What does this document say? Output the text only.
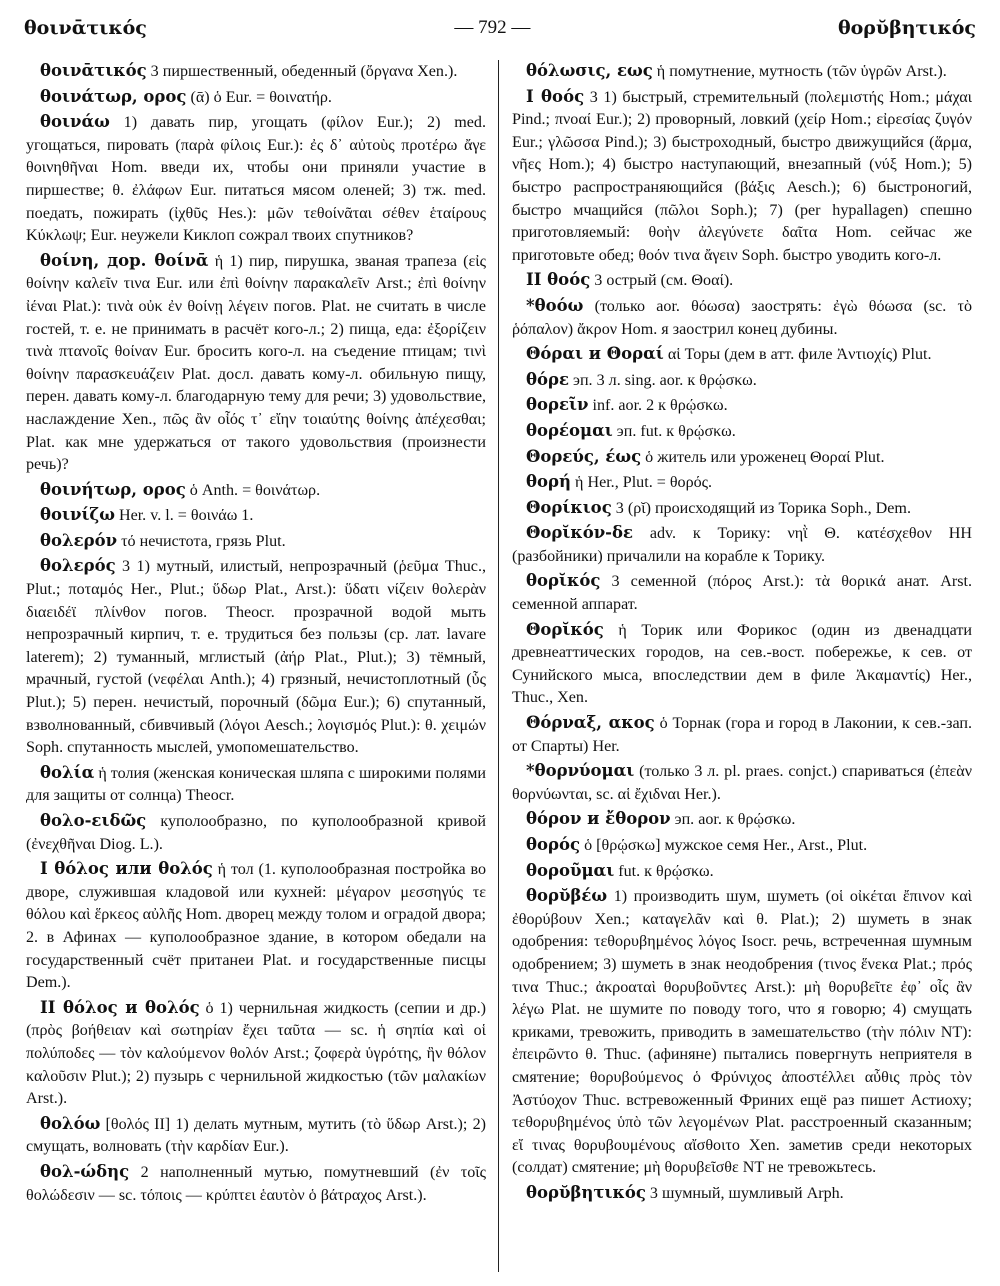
θοινᾱτικός	— 792 —	θορῠβητικός

θοινᾱτικός 3 пиршественный, обеденный (ὄργανα Xen.).

θοινάτωρ, ορος (ᾱ) ὁ Eur. = θοινατήρ.

θοινάω 1) давать пир, угощать (φίλον Eur.); 2) med. угощаться, пировать (παρὰ φίλοις Eur.): ἐς δ᾽ αὐτοὺς προτέρω ἄγε θοινηθῆναι Hom. введи их, чтобы они приняли участие в пиршестве; θ. ἐλάφων Eur. питаться мясом оленей; 3) тж. med. поедать, пожирать (ἰχθῦς Hes.): μῶν τεθοίνᾶται σέθεν ἑταίρους Κύκλωψ; Eur. неужели Киклоп сожрал твоих спутников?

θοίνη, дор. θοίνᾱ ἡ 1) пир, пирушка, званая трапеза (εἰς θοίνην καλεῖν τινα Eur. или ἐπὶ θοίνην παρακαλεῖν Arst.; ἐπὶ θοίνην ἰέναι Plat.): τινὰ οὐκ ἐν θοίνῃ λέγειν погов. Plat. не считать в числе гостей, т. е. не принимать в расчёт кого-л.; 2) пища, еда: ἐξορίζειν τινὰ πτανοῖς θοίναν Eur. бросить кого-л. на съедение птицам; τινὶ θοίνην παρασκευάζειν Plat. досл. давать кому-л. обильную пищу, перен. давать кому-л. благодарную тему для речи; 3) удовольствие, наслаждение Xen., πῶς ἂν οἷός τ᾽ εἴην τοιαύτης θοίνης ἀπέχεσθαι; Plat. как мне удержаться от такого удовольствия (произнести речь)?

θοινήτωρ, ορος ὁ Anth. = θοινάτωρ.

θοινίζω Her. v. l. = θοινάω 1.

θολερόν τό нечистота, грязь Plut.

θολερός 3 1) мутный, илистый, непрозрачный (ῥεῦμα Thuc., Plut.; ποταμός Her., Plut.; ὕδωρ Plat., Arst.): ὕδατι νίζειν θολερὰν διαειδέϊ πλίνθον погов. Theocr. прозрачной водой мыть непрозрачный кирпич, т. е. трудиться без пользы (ср. лат. lavare laterem); 2) туманный, мглистый (ἀήρ Plat., Plut.); 3) тёмный, мрачный, густой (νεφέλαι Anth.); 4) грязный, нечистоплотный (ὗς Plut.); 5) перен. нечистый, порочный (δῶμα Eur.); 6) спутанный, взволнованный, сбивчивый (λόγοι Aesch.; λογισμός Plut.): θ. χειμών Soph. спутанность мыслей, умопомешательство.

θολία ἡ толия (женская коническая шляпа с широкими полями для защиты от солнца) Theocr.

θολο-ειδῶς куполообразно, по куполообразной кривой (ἐνεχθῆναι Diog. L.).

I θόλος или θολός ἡ тол (1. куполообразная постройка во дворе, служившая кладовой или кухней: μέγαρον μεσσηγύς τε θόλου καὶ ἕρκεος αὐλῆς Hom. дворец между толом и оградой двора; 2. в Афинах — куполообразное здание, в котором обедали на государственный счёт пританеи Plat. и государственные писцы Dem.).

II θόλος и θολός ὁ 1) чернильная жидкость (сепии и др.) (πρὸς βοήθειαν καὶ σωτηρίαν ἔχει ταῦτα — sc. ἡ σηπία καὶ οἱ πολύποδες — τὸν καλούμενον θολόν Arst.; ζοφερὰ ὑγρότης, ἣν θόλον καλοῦσιν Plut.); 2) пузырь с чернильной жидкостью (τῶν μαλακίων Arst.).

θολόω [θολός II] 1) делать мутным, мутить (τὸ ὕδωρ Arst.); 2) смущать, волновать (τὴν καρδίαν Eur.).

θολ-ώδης 2 наполненный мутью, помутневший (ἐν τοῖς θολώδεσιν — sc. τόποις — κρύπτει ἑαυτὸν ὁ βάτραχος Arst.).

θόλωσις, εως ἡ помутнение, мутность (τῶν ὑγρῶν Arst.).

I θοός 3 1) быстрый, стремительный (πολεμιστής Hom.; μάχαι Pind.; πνοαί Eur.); 2) проворный, ловкий (χείρ Hom.; εἰρεσίας ζυγόν Eur.; γλῶσσα Pind.); 3) быстроходный, быстро движущийся (ἅρμα, νῆες Hom.); 4) быстро наступающий, внезапный (νύξ Hom.); 5) быстро распространяющийся (βάξις Aesch.); 6) быстроногий, быстро мчащийся (πῶλοι Soph.); 7) (per hypallagen) спешно приготовляемый: θοὴν ἀλεγύνετε δαῖτα Hom. сейчас же приготовьте обед; θοόν τινα ἄγειν Soph. быстро уводить кого-л.

II θοός 3 острый (см. Θοαί).

*θοόω (только aor. θόωσα) заострять: ἐγὼ θόωσα (sc. τὸ ῥόπαλον) ἄκρον Hom. я заострил конец дубины.

Θόραι и Θοραί αἱ Торы (дем в атт. филе Ἀντιοχίς) Plut.

θόρε эп. 3 л. sing. aor. к θρῴσκω.

θορεῖν inf. aor. 2 к θρῴσκω.

θορέομαι эп. fut. к θρῴσκω.

Θορεύς, έως ὁ житель или уроженец Θοραί Plut.

θορή ἡ Her., Plut. = θορός.

Θορίκιος 3 (ρῐ) происходящий из Торика Soph., Dem.

Θορῐκόν-δε adv. к Торику: νηῒ Θ. κατέσχεθον HH (разбойники) причалили на корабле к Торику.

θορῐκός 3 семенной (πόρος Arst.): τὰ θορικά анат. Arst. семенной аппарат.

Θορῐκός ἡ Торик или Форикос (один из двенадцати древнеаттических городов, на сев.-вост. побережье, к сев. от Сунийского мыса, впоследствии дем в филе Ἀκαμαντίς) Her., Thuc., Xen.

Θόρναξ, ακος ὁ Торнак (гора и город в Лаконии, к сев.-зап. от Спарты) Her.

*θορνύομαι (только 3 л. pl. praes. conjct.) спариваться (ἐπεὰν θορνύωνται, sc. αἱ ἔχιδναι Her.).

θόρον и ἔθορον эп. aor. к θρῴσκω.

θορός ὁ [θρῴσκω] мужское семя Her., Arst., Plut.

θοροῦμαι fut. к θρῴσκω.

θορῠβέω 1) производить шум, шуметь (οἱ οἰκέται ἔπινον καὶ ἐθορύβουν Xen.; καταγελᾶν καὶ θ. Plat.); 2) шуметь в знак одобрения: τεθορυβημένος λόγος Isocr. речь, встреченная шумным одобрением; 3) шуметь в знак неодобрения (τινος ἕνεκα Plat.; πρός τινα Thuc.; ἀκροαταὶ θορυβοῦντες Arst.): μὴ θορυβεῖτε ἐφ᾽ οἷς ἂν λέγω Plat. не шумите по поводу того, что я говорю; 4) смущать криками, тревожить, приводить в замешательство (τὴν πόλιν NT): ἐπειρῶντο θ. Thuc. (афиняне) пытались повергнуть неприятеля в смятение; θορυβούμενος ὁ Φρύνιχος ἀποστέλλει αὖθις πρὸς τὸν Ἀστύοχον Thuc. встревоженный Фриних ещё раз пишет Астиоху; τεθορυβημένος ὑπὸ τῶν λεγομένων Plat. расстроенный сказанным; εἴ τινας θορυβουμένους αἴσθοιτο Xen. заметив среди некоторых (солдат) смятение; μὴ θορυβεῖσθε NT не тревожьтесь.

θορῠβητικός 3 шумный, шумливый Arph.
